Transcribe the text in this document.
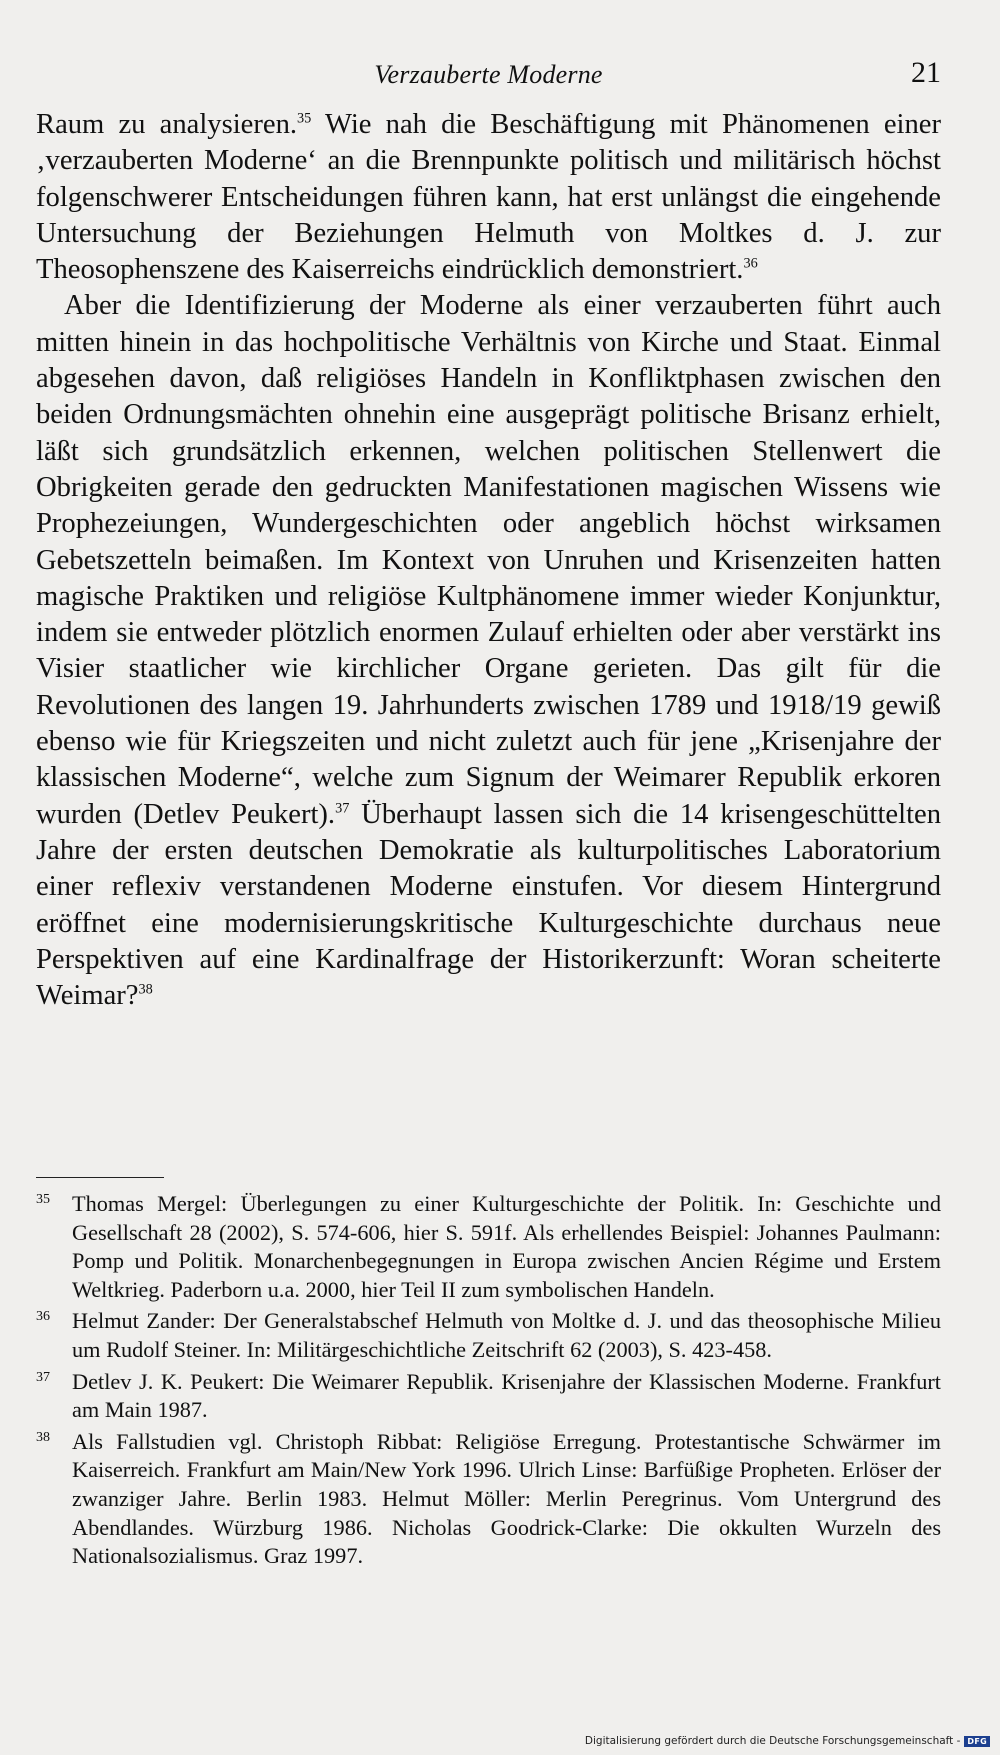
Verzauberte Moderne	21

Raum zu analysieren.$^{35}$ Wie nah die Beschäftigung mit Phänomenen einer ‚verzauberten Moderne‘ an die Brennpunkte politisch und militärisch höchst folgenschwerer Entscheidungen führen kann, hat erst unlängst die eingehende Untersuchung der Beziehungen Helmuth von Moltkes d. J. zur Theosophenszene des Kaiserreichs eindrücklich demonstriert.$^{36}$

Aber die Identifizierung der Moderne als einer verzauberten führt auch mitten hinein in das hochpolitische Verhältnis von Kirche und Staat. Einmal abgesehen davon, daß religiöses Handeln in Konfliktphasen zwischen den beiden Ordnungsmächten ohnehin eine ausgeprägt politische Brisanz erhielt, läßt sich grundsätzlich erkennen, welchen politischen Stellenwert die Obrigkeiten gerade den gedruckten Manifestationen magischen Wissens wie Prophezeiungen, Wundergeschichten oder angeblich höchst wirksamen Gebetszetteln beimaßen. Im Kontext von Unruhen und Krisenzeiten hatten magische Praktiken und religiöse Kultphänomene immer wieder Konjunktur, indem sie entweder plötzlich enormen Zulauf erhielten oder aber verstärkt ins Visier staatlicher wie kirchlicher Organe gerieten. Das gilt für die Revolutionen des langen 19. Jahrhunderts zwischen 1789 und 1918/19 gewiß ebenso wie für Kriegszeiten und nicht zuletzt auch für jene „Krisenjahre der klassischen Moderne“, welche zum Signum der Weimarer Republik erkoren wurden (Detlev Peukert).$^{37}$ Überhaupt lassen sich die 14 krisengeschüttelten Jahre der ersten deutschen Demokratie als kulturpolitisches Laboratorium einer reflexiv verstandenen Moderne einstufen. Vor diesem Hintergrund eröffnet eine modernisierungskritische Kulturgeschichte durchaus neue Perspektiven auf eine Kardinalfrage der Historikerzunft: Woran scheiterte Weimar?$^{38}$

35 Thomas Mergel: Überlegungen zu einer Kulturgeschichte der Politik. In: Geschichte und Gesellschaft 28 (2002), S. 574-606, hier S. 591f. Als erhellendes Beispiel: Johannes Paulmann: Pomp und Politik. Monarchenbegegnungen in Europa zwischen Ancien Régime und Erstem Weltkrieg. Paderborn u.a. 2000, hier Teil II zum symbolischen Handeln.
36 Helmut Zander: Der Generalstabschef Helmuth von Moltke d. J. und das theosophische Milieu um Rudolf Steiner. In: Militärgeschichtliche Zeitschrift 62 (2003), S. 423-458.
37 Detlev J. K. Peukert: Die Weimarer Republik. Krisenjahre der Klassischen Moderne. Frankfurt am Main 1987.
38 Als Fallstudien vgl. Christoph Ribbat: Religiöse Erregung. Protestantische Schwärmer im Kaiserreich. Frankfurt am Main/New York 1996. Ulrich Linse: Barfüßige Propheten. Erlöser der zwanziger Jahre. Berlin 1983. Helmut Möller: Merlin Peregrinus. Vom Untergrund des Abendlandes. Würzburg 1986. Nicholas Goodrick-Clarke: Die okkulten Wurzeln des Nationalsozialismus. Graz 1997.
Digitalisierung gefördert durch die Deutsche Forschungsgemeinschaft - DFG
